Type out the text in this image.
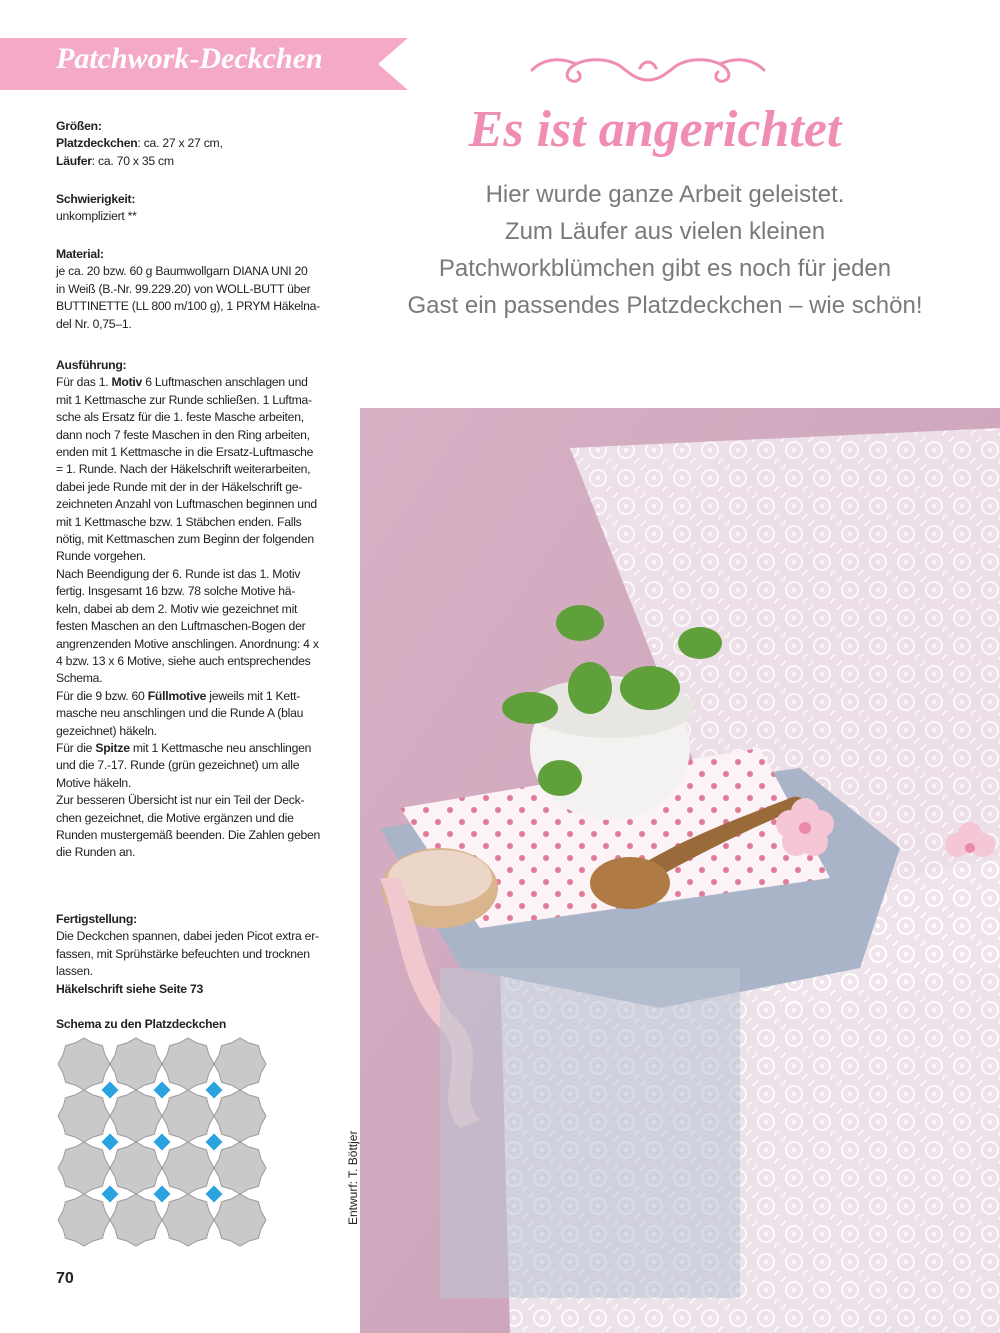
Patchwork-Deckchen
Es ist angerichtet
Hier wurde ganze Arbeit geleistet.
Zum Läufer aus vielen kleinen
Patchworkblümchen gibt es noch für jeden
Gast ein passendes Platzdeckchen – wie schön!
Größen:
Platzdeckchen: ca. 27 x 27 cm,
Läufer: ca. 70 x 35 cm
Schwierigkeit:
unkompliziert **
Material:
je ca. 20 bzw. 60 g Baumwollgarn DIANA UNI 20
in Weiß (B.-Nr. 99.229.20) von WOLL-BUTT über
BUTTINETTE (LL 800 m/100 g), 1 PRYM Häkelna-
del Nr. 0,75–1.
Ausführung:
Für das 1. Motiv 6 Luftmaschen anschlagen und
mit 1 Kettmasche zur Runde schließen. 1 Luftma-
sche als Ersatz für die 1. feste Masche arbeiten,
dann noch 7 feste Maschen in den Ring arbeiten,
enden mit 1 Kettmasche in die Ersatz-Luftmasche
= 1. Runde. Nach der Häkelschrift weiterarbeiten,
dabei jede Runde mit der in der Häkelschrift ge-
zeichneten Anzahl von Luftmaschen beginnen und
mit 1 Kettmasche bzw. 1 Stäbchen enden. Falls
nötig, mit Kettmaschen zum Beginn der folgenden
Runde vorgehen.
Nach Beendigung der 6. Runde ist das 1. Motiv
fertig. Insgesamt 16 bzw. 78 solche Motive hä-
keln, dabei ab dem 2. Motiv wie gezeichnet mit
festen Maschen an den Luftmaschen-Bogen der
angrenzenden Motive anschlingen. Anordnung: 4 x
4 bzw. 13 x 6 Motive, siehe auch entsprechendes
Schema.
Für die 9 bzw. 60 Füllmotive jeweils mit 1 Kett-
masche neu anschlingen und die Runde A (blau
gezeichnet) häkeln.
Für die Spitze mit 1 Kettmasche neu anschlingen
und die 7.-17. Runde (grün gezeichnet) um alle
Motive häkeln.
Zur besseren Übersicht ist nur ein Teil der Deck-
chen gezeichnet, die Motive ergänzen und die
Runden mustergemäß beenden. Die Zahlen geben
die Runden an.
Fertigstellung:
Die Deckchen spannen, dabei jeden Picot extra er-
fassen, mit Sprühstärke befeuchten und trocknen
lassen.
Häkelschrift siehe Seite 73
Schema zu den Platzdeckchen
70
Entwurf: T. Böttjer
